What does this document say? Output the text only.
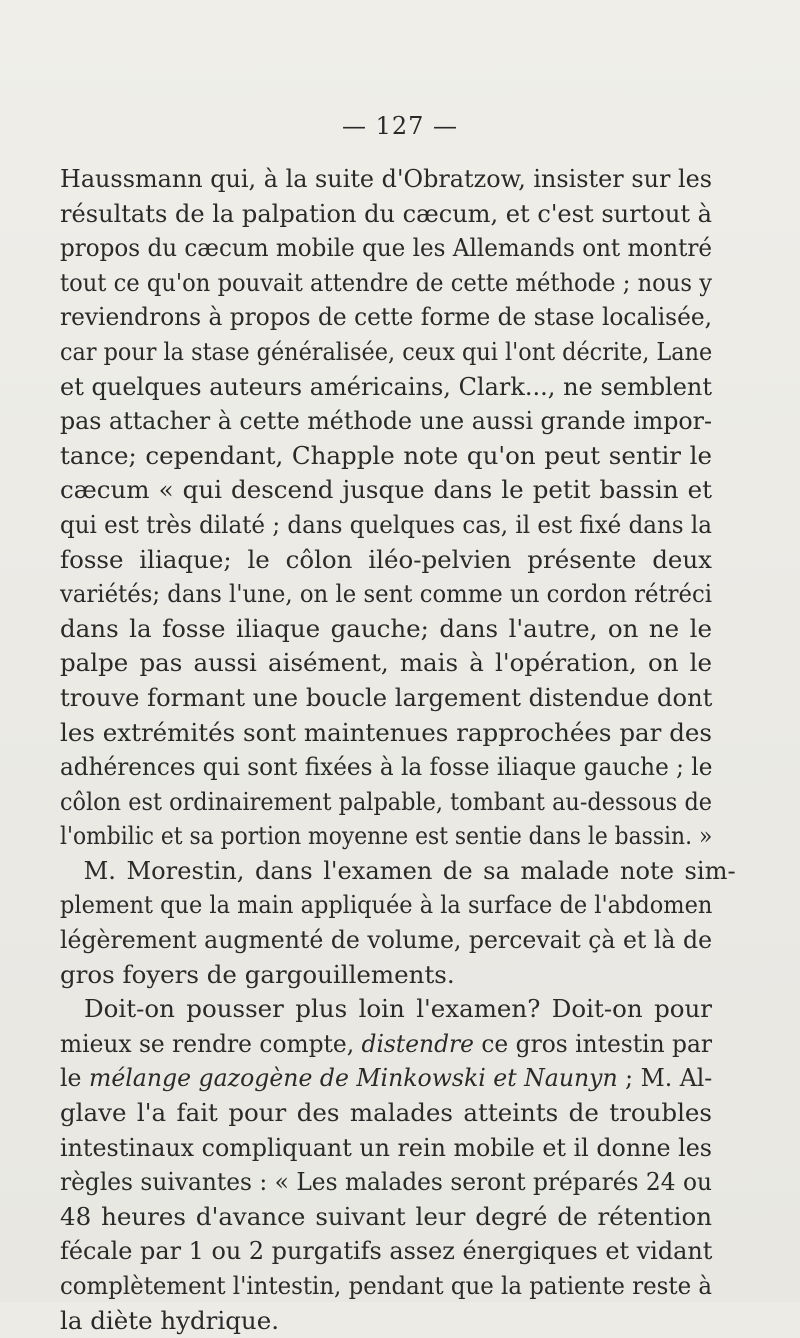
— 127 —
Haussmann qui, à la suite d'Obratzow, insister sur les
résultats de la palpation du cæcum, et c'est surtout à
propos du cæcum mobile que les Allemands ont montré
tout ce qu'on pouvait attendre de cette méthode ; nous y
reviendrons à propos de cette forme de stase localisée,
car pour la stase généralisée, ceux qui l'ont décrite, Lane
et quelques auteurs américains, Clark..., ne semblent
pas attacher à cette méthode une aussi grande impor-
tance; cependant, Chapple note qu'on peut sentir le
cæcum « qui descend jusque dans le petit bassin et
qui est très dilaté ; dans quelques cas, il est fixé dans la
fosse iliaque; le côlon iléo-pelvien présente deux
variétés; dans l'une, on le sent comme un cordon rétréci
dans la fosse iliaque gauche; dans l'autre, on ne le
palpe pas aussi aisément, mais à l'opération, on le
trouve formant une boucle largement distendue dont
les extrémités sont maintenues rapprochées par des
adhérences qui sont fixées à la fosse iliaque gauche ; le
côlon est ordinairement palpable, tombant au-dessous de
l'ombilic et sa portion moyenne est sentie dans le bassin. »
M. Morestin, dans l'examen de sa malade note sim-
plement que la main appliquée à la surface de l'abdomen
légèrement augmenté de volume, percevait çà et là de
gros foyers de gargouillements.
Doit-on pousser plus loin l'examen? Doit-on pour
mieux se rendre compte, distendre ce gros intestin par
le mélange gazogène de Minkowski et Naunyn ; M. Al-
glave l'a fait pour des malades atteints de troubles
intestinaux compliquant un rein mobile et il donne les
règles suivantes : « Les malades seront préparés 24 ou
48 heures d'avance suivant leur degré de rétention
fécale par 1 ou 2 purgatifs assez énergiques et vidant
complètement l'intestin, pendant que la patiente reste à
la diète hydrique.
